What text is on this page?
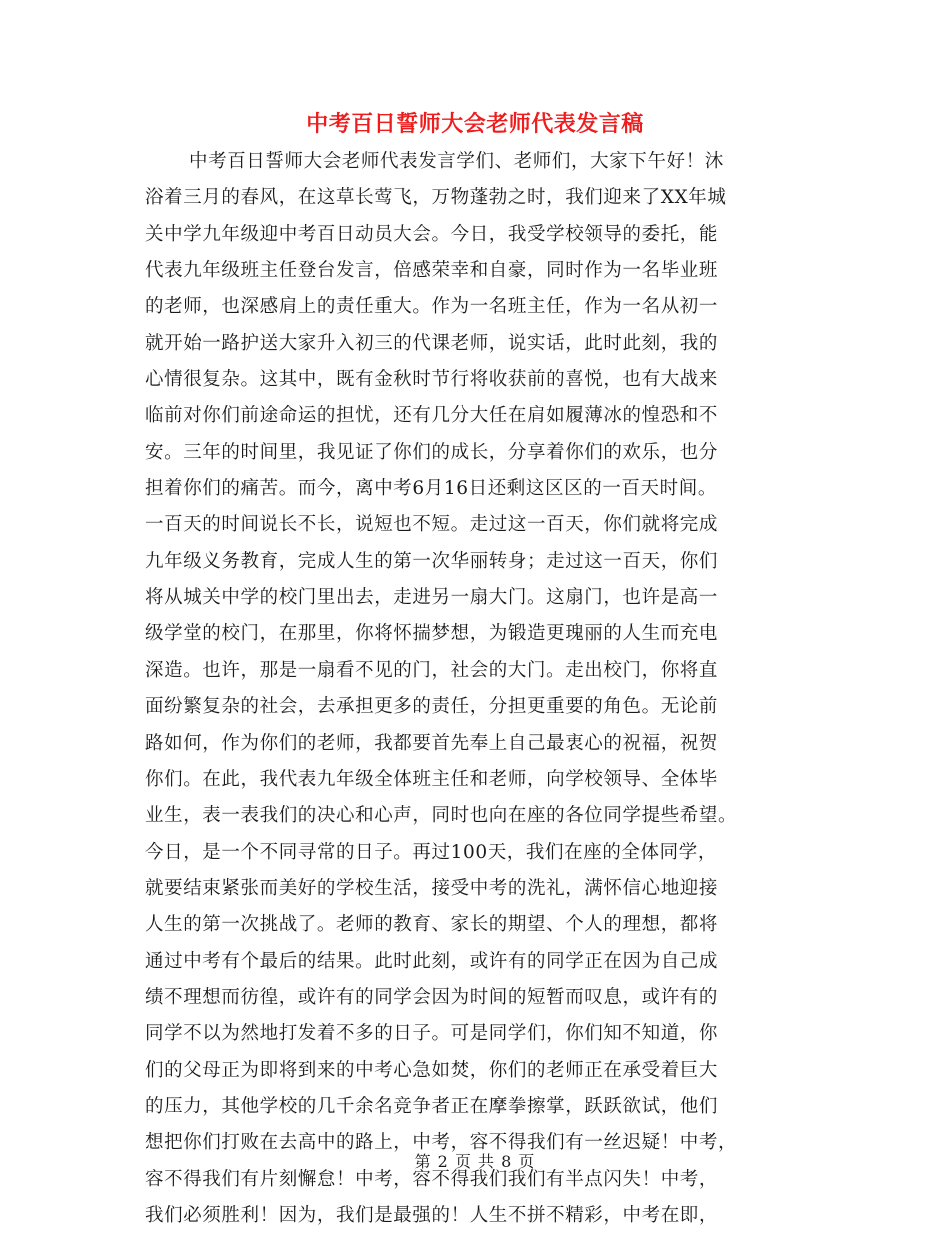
中考百日誓师大会老师代表发言稿
中考百日誓师大会老师代表发言学们、老师们，大家下午好！沐
浴着三月的春风，在这草长莺飞，万物蓬勃之时，我们迎来了XX年城
关中学九年级迎中考百日动员大会。今日，我受学校领导的委托，能
代表九年级班主任登台发言，倍感荣幸和自豪，同时作为一名毕业班
的老师，也深感肩上的责任重大。作为一名班主任，作为一名从初一
就开始一路护送大家升入初三的代课老师，说实话，此时此刻，我的
心情很复杂。这其中，既有金秋时节行将收获前的喜悦，也有大战来
临前对你们前途命运的担忧，还有几分大任在肩如履薄冰的惶恐和不
安。三年的时间里，我见证了你们的成长，分享着你们的欢乐，也分
担着你们的痛苦。而今，离中考6月16日还剩这区区的一百天时间。
一百天的时间说长不长，说短也不短。走过这一百天，你们就将完成
九年级义务教育，完成人生的第一次华丽转身；走过这一百天，你们
将从城关中学的校门里出去，走进另一扇大门。这扇门，也许是高一
级学堂的校门，在那里，你将怀揣梦想，为锻造更瑰丽的人生而充电
深造。也许，那是一扇看不见的门，社会的大门。走出校门，你将直
面纷繁复杂的社会，去承担更多的责任，分担更重要的角色。无论前
路如何，作为你们的老师，我都要首先奉上自己最衷心的祝福，祝贺
你们。在此，我代表九年级全体班主任和老师，向学校领导、全体毕
业生，表一表我们的决心和心声，同时也向在座的各位同学提些希望。
今日，是一个不同寻常的日子。再过100天，我们在座的全体同学，
就要结束紧张而美好的学校生活，接受中考的洗礼，满怀信心地迎接
人生的第一次挑战了。老师的教育、家长的期望、个人的理想，都将
通过中考有个最后的结果。此时此刻，或许有的同学正在因为自己成
绩不理想而彷徨，或许有的同学会因为时间的短暂而叹息，或许有的
同学不以为然地打发着不多的日子。可是同学们，你们知不知道，你
们的父母正为即将到来的中考心急如焚，你们的老师正在承受着巨大
的压力，其他学校的几千余名竞争者正在摩拳擦掌，跃跃欲试，他们
想把你们打败在去高中的路上，中考，容不得我们有一丝迟疑！中考，
容不得我们有片刻懈怠！中考，容不得我们我们有半点闪失！中考，
我们必须胜利！因为，我们是最强的！人生不拼不精彩，中考在即，
第 2 页 共 8 页
